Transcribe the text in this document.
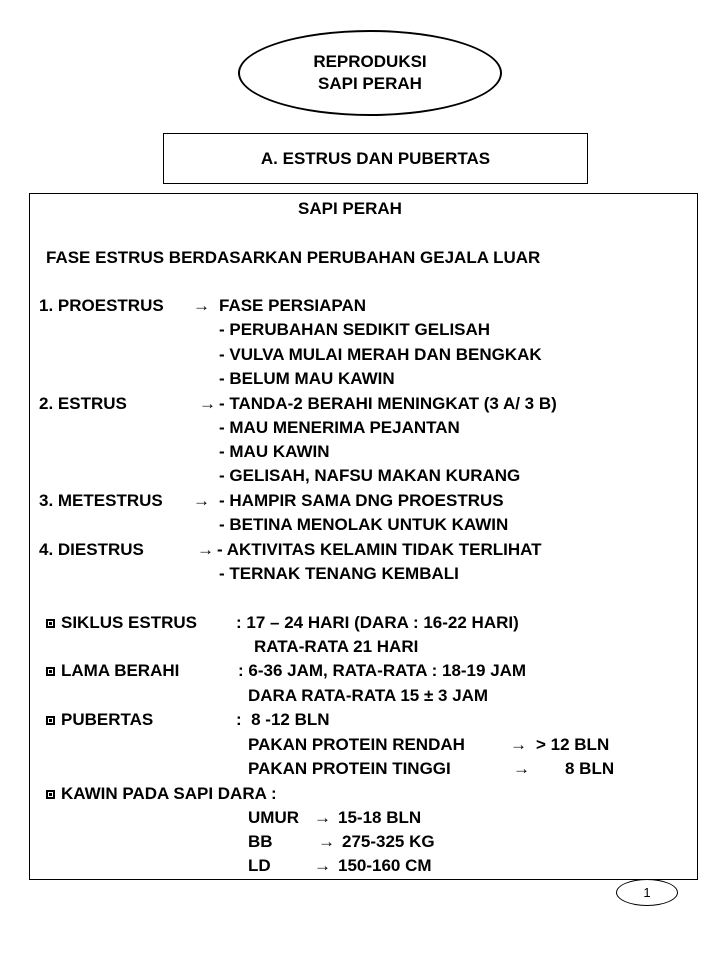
REPRODUKSI
SAPI PERAH
A. ESTRUS DAN PUBERTAS
SAPI PERAH
FASE ESTRUS BERDASARKAN PERUBAHAN GEJALA LUAR
1. PROESTRUS → FASE PERSIAPAN
- PERUBAHAN SEDIKIT GELISAH
- VULVA MULAI MERAH DAN BENGKAK
- BELUM MAU KAWIN
2. ESTRUS	→ - TANDA-2 BERAHI MENINGKAT (3 A/ 3 B)
- MAU MENERIMA PEJANTAN
- MAU KAWIN
- GELISAH, NAFSU MAKAN KURANG
3. METESTRUS → - HAMPIR SAMA DNG PROESTRUS
- BETINA MENOLAK UNTUK KAWIN
4. DIESTRUS	→ - AKTIVITAS KELAMIN TIDAK TERLIHAT
- TERNAK TENANG KEMBALI
SIKLUS ESTRUS : 17 – 24 HARI (DARA : 16-22 HARI)
RATA-RATA 21 HARI
LAMA BERAHI	: 6-36 JAM, RATA-RATA : 18-19 JAM
DARA RATA-RATA 15 ± 3 JAM
PUBERTAS	:  8 -12 BLN
PAKAN PROTEIN RENDAH	→ > 12 BLN
PAKAN PROTEIN TINGGI	→ 8 BLN
KAWIN PADA SAPI DARA :
UMUR → 15-18 BLN
BB	→ 275-325 KG
LD	→ 150-160 CM
1
